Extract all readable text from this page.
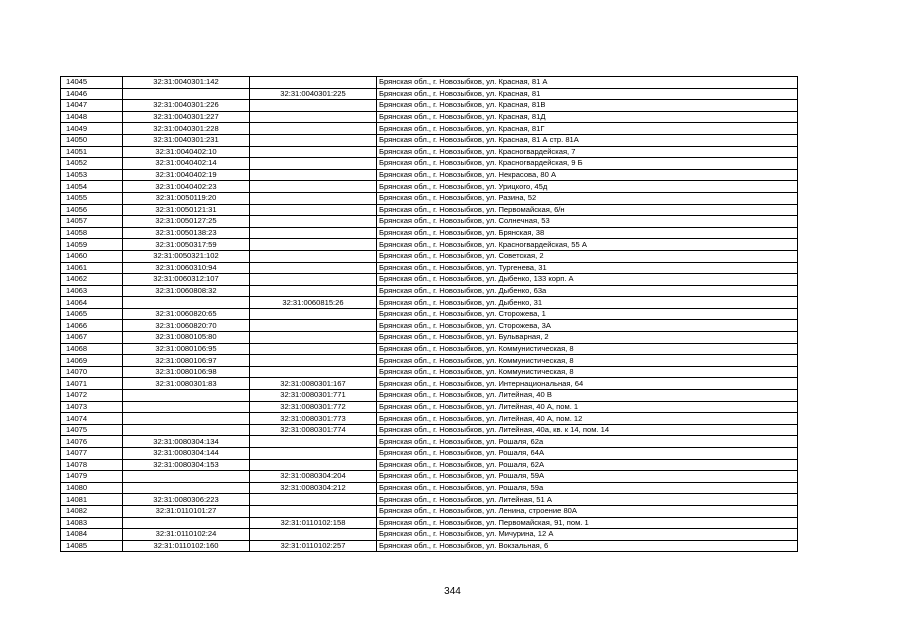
14045	32:31:0040301:142		Брянская обл., г. Новозыбков, ул. Красная, 81 А
14046		32:31:0040301:225	Брянская обл., г. Новозыбков, ул. Красная, 81
14047	32:31:0040301:226		Брянская обл., г. Новозыбков, ул. Красная, 81В
14048	32:31:0040301:227		Брянская обл., г. Новозыбков, ул. Красная, 81Д
14049	32:31:0040301:228		Брянская обл., г. Новозыбков, ул. Красная, 81Г
14050	32:31:0040301:231		Брянская обл., г. Новозыбков, ул. Красная, 81 А стр. 81А
14051	32:31:0040402:10		Брянская обл., г. Новозыбков, ул. Красногвардейская, 7
14052	32:31:0040402:14		Брянская обл., г. Новозыбков, ул. Красногвардейская, 9 Б
14053	32:31:0040402:19		Брянская обл., г. Новозыбков, ул. Некрасова, 80 А
14054	32:31:0040402:23		Брянская обл., г. Новозыбков, ул. Урицкого, 45д
14055	32:31:0050119:20		Брянская обл., г. Новозыбков, ул. Разина, 52
14056	32:31:0050121:31		Брянская обл., г. Новозыбков, ул. Первомайская, 6/н
14057	32:31:0050127:25		Брянская обл., г. Новозыбков, ул. Солнечная, 53
14058	32:31:0050138:23		Брянская обл., г. Новозыбков, ул. Брянская, 38
14059	32:31:0050317:59		Брянская обл., г. Новозыбков, ул. Красногвардейская, 55 А
14060	32:31:0050321:102		Брянская обл., г. Новозыбков, ул. Советская, 2
14061	32:31:0060310:94		Брянская обл., г. Новозыбков, ул. Тургенева, 31
14062	32:31:0060312:107		Брянская обл., г. Новозыбков, ул. Дыбенко, 133 корп. А
14063	32:31:0060808:32		Брянская обл., г. Новозыбков, ул. Дыбенко, 63а
14064		32:31:0060815:26	Брянская обл., г. Новозыбков, ул. Дыбенко, 31
14065	32:31:0060820:65		Брянская обл., г. Новозыбков, ул. Сторожева, 1
14066	32:31:0060820:70		Брянская обл., г. Новозыбков, ул. Сторожева, 3А
14067	32:31:0080105:80		Брянская обл., г. Новозыбков, ул. Бульварная, 2
14068	32:31:0080106:95		Брянская обл., г. Новозыбков, ул. Коммунистическая, 8
14069	32:31:0080106:97		Брянская обл., г. Новозыбков, ул. Коммунистическая, 8
14070	32:31:0080106:98		Брянская обл., г. Новозыбков, ул. Коммунистическая, 8
14071	32:31:0080301:83	32:31:0080301:167	Брянская обл., г. Новозыбков, ул. Интернациональная, 64
14072		32:31:0080301:771	Брянская обл., г. Новозыбков, ул. Литейная, 40 В
14073		32:31:0080301:772	Брянская обл., г. Новозыбков, ул. Литейная, 40 А, пом. 1
14074		32:31:0080301:773	Брянская обл., г. Новозыбков, ул. Литейная, 40 А, пом. 12
14075		32:31:0080301:774	Брянская обл., г. Новозыбков, ул. Литейная, 40а, кв. к 14, пом. 14
14076	32:31:0080304:134		Брянская обл., г. Новозыбков, ул. Рошаля, 62а
14077	32:31:0080304:144		Брянская обл., г. Новозыбков, ул. Рошаля, 64А
14078	32:31:0080304:153		Брянская обл., г. Новозыбков, ул. Рошаля, 62А
14079		32:31:0080304:204	Брянская обл., г. Новозыбков, ул. Рошаля, 59А
14080		32:31:0080304:212	Брянская обл., г. Новозыбков, ул. Рошаля, 59а
14081	32:31:0080306:223		Брянская обл., г. Новозыбков, ул. Литейная, 51 А
14082	32:31:0110101:27		Брянская обл., г. Новозыбков, ул. Ленина, строение 80А
14083		32:31:0110102:158	Брянская обл., г. Новозыбков, ул. Первомайская, 91, пом. 1
14084	32:31:0110102:24		Брянская обл., г. Новозыбков, ул. Мичурина, 12 А
14085	32:31:0110102:160	32:31:0110102:257	Брянская обл., г. Новозыбков, ул. Вокзальная, 6
344
